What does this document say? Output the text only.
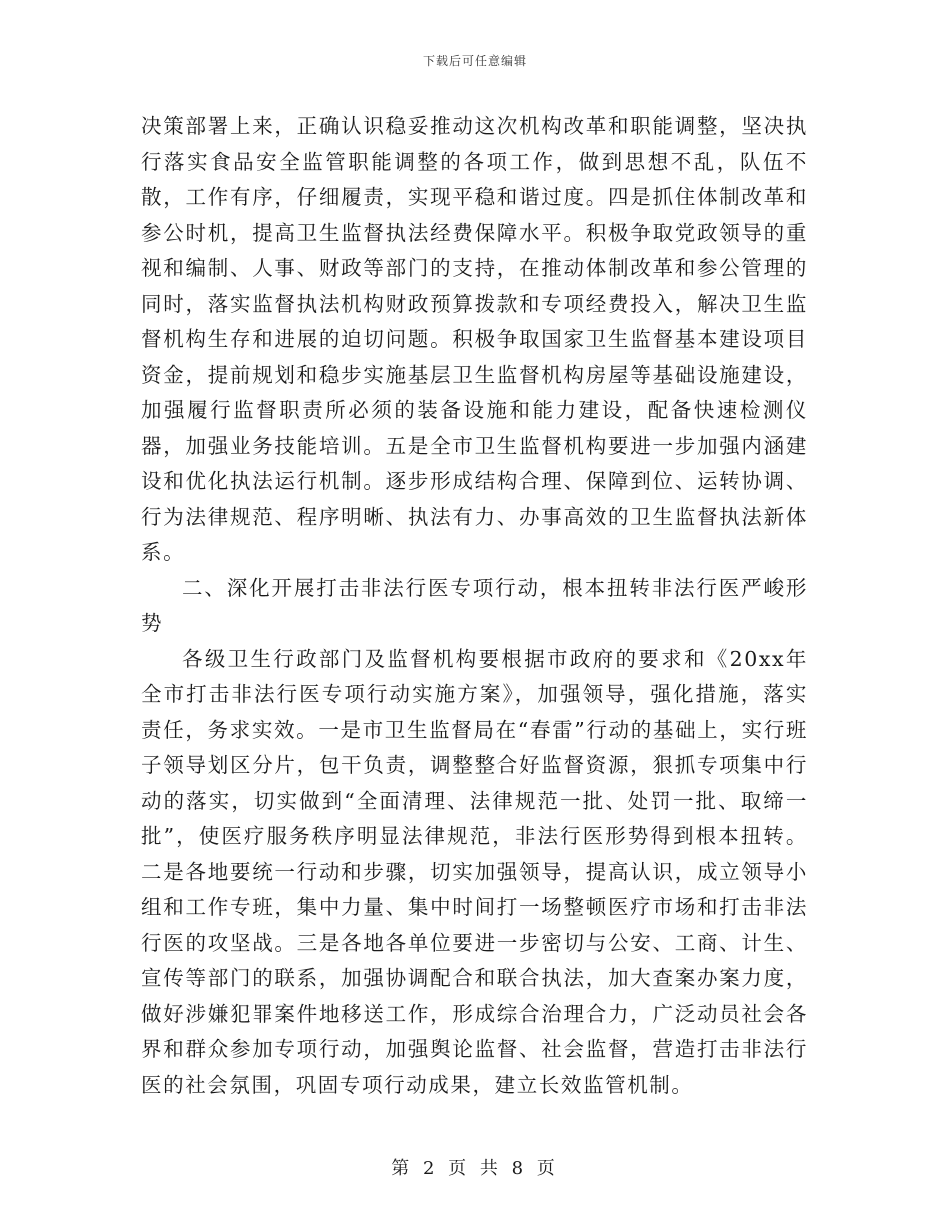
下载后可任意编辑

决策部署上来，正确认识稳妥推动这次机构改革和职能调整，坚决执行落实食品安全监管职能调整的各项工作，做到思想不乱，队伍不散，工作有序，仔细履责，实现平稳和谐过度。四是抓住体制改革和参公时机，提高卫生监督执法经费保障水平。积极争取党政领导的重视和编制、人事、财政等部门的支持，在推动体制改革和参公管理的同时，落实监督执法机构财政预算拨款和专项经费投入，解决卫生监督机构生存和进展的迫切问题。积极争取国家卫生监督基本建设项目资金，提前规划和稳步实施基层卫生监督机构房屋等基础设施建设，加强履行监督职责所必须的装备设施和能力建设，配备快速检测仪器，加强业务技能培训。五是全市卫生监督机构要进一步加强内涵建设和优化执法运行机制。逐步形成结构合理、保障到位、运转协调、行为法律规范、程序明晰、执法有力、办事高效的卫生监督执法新体系。

二、深化开展打击非法行医专项行动，根本扭转非法行医严峻形势

各级卫生行政部门及监督机构要根据市政府的要求和《20xx年全市打击非法行医专项行动实施方案》，加强领导，强化措施，落实责任，务求实效。一是市卫生监督局在“春雷”行动的基础上，实行班子领导划区分片，包干负责，调整整合好监督资源，狠抓专项集中行动的落实，切实做到“全面清理、法律规范一批、处罚一批、取缔一批”，使医疗服务秩序明显法律规范，非法行医形势得到根本扭转。二是各地要统一行动和步骤，切实加强领导，提高认识，成立领导小组和工作专班，集中力量、集中时间打一场整顿医疗市场和打击非法行医的攻坚战。三是各地各单位要进一步密切与公安、工商、计生、宣传等部门的联系，加强协调配合和联合执法，加大查案办案力度，做好涉嫌犯罪案件地移送工作，形成综合治理合力，广泛动员社会各界和群众参加专项行动，加强舆论监督、社会监督，营造打击非法行医的社会氛围，巩固专项行动成果，建立长效监管机制。

第 2 页 共 8 页
